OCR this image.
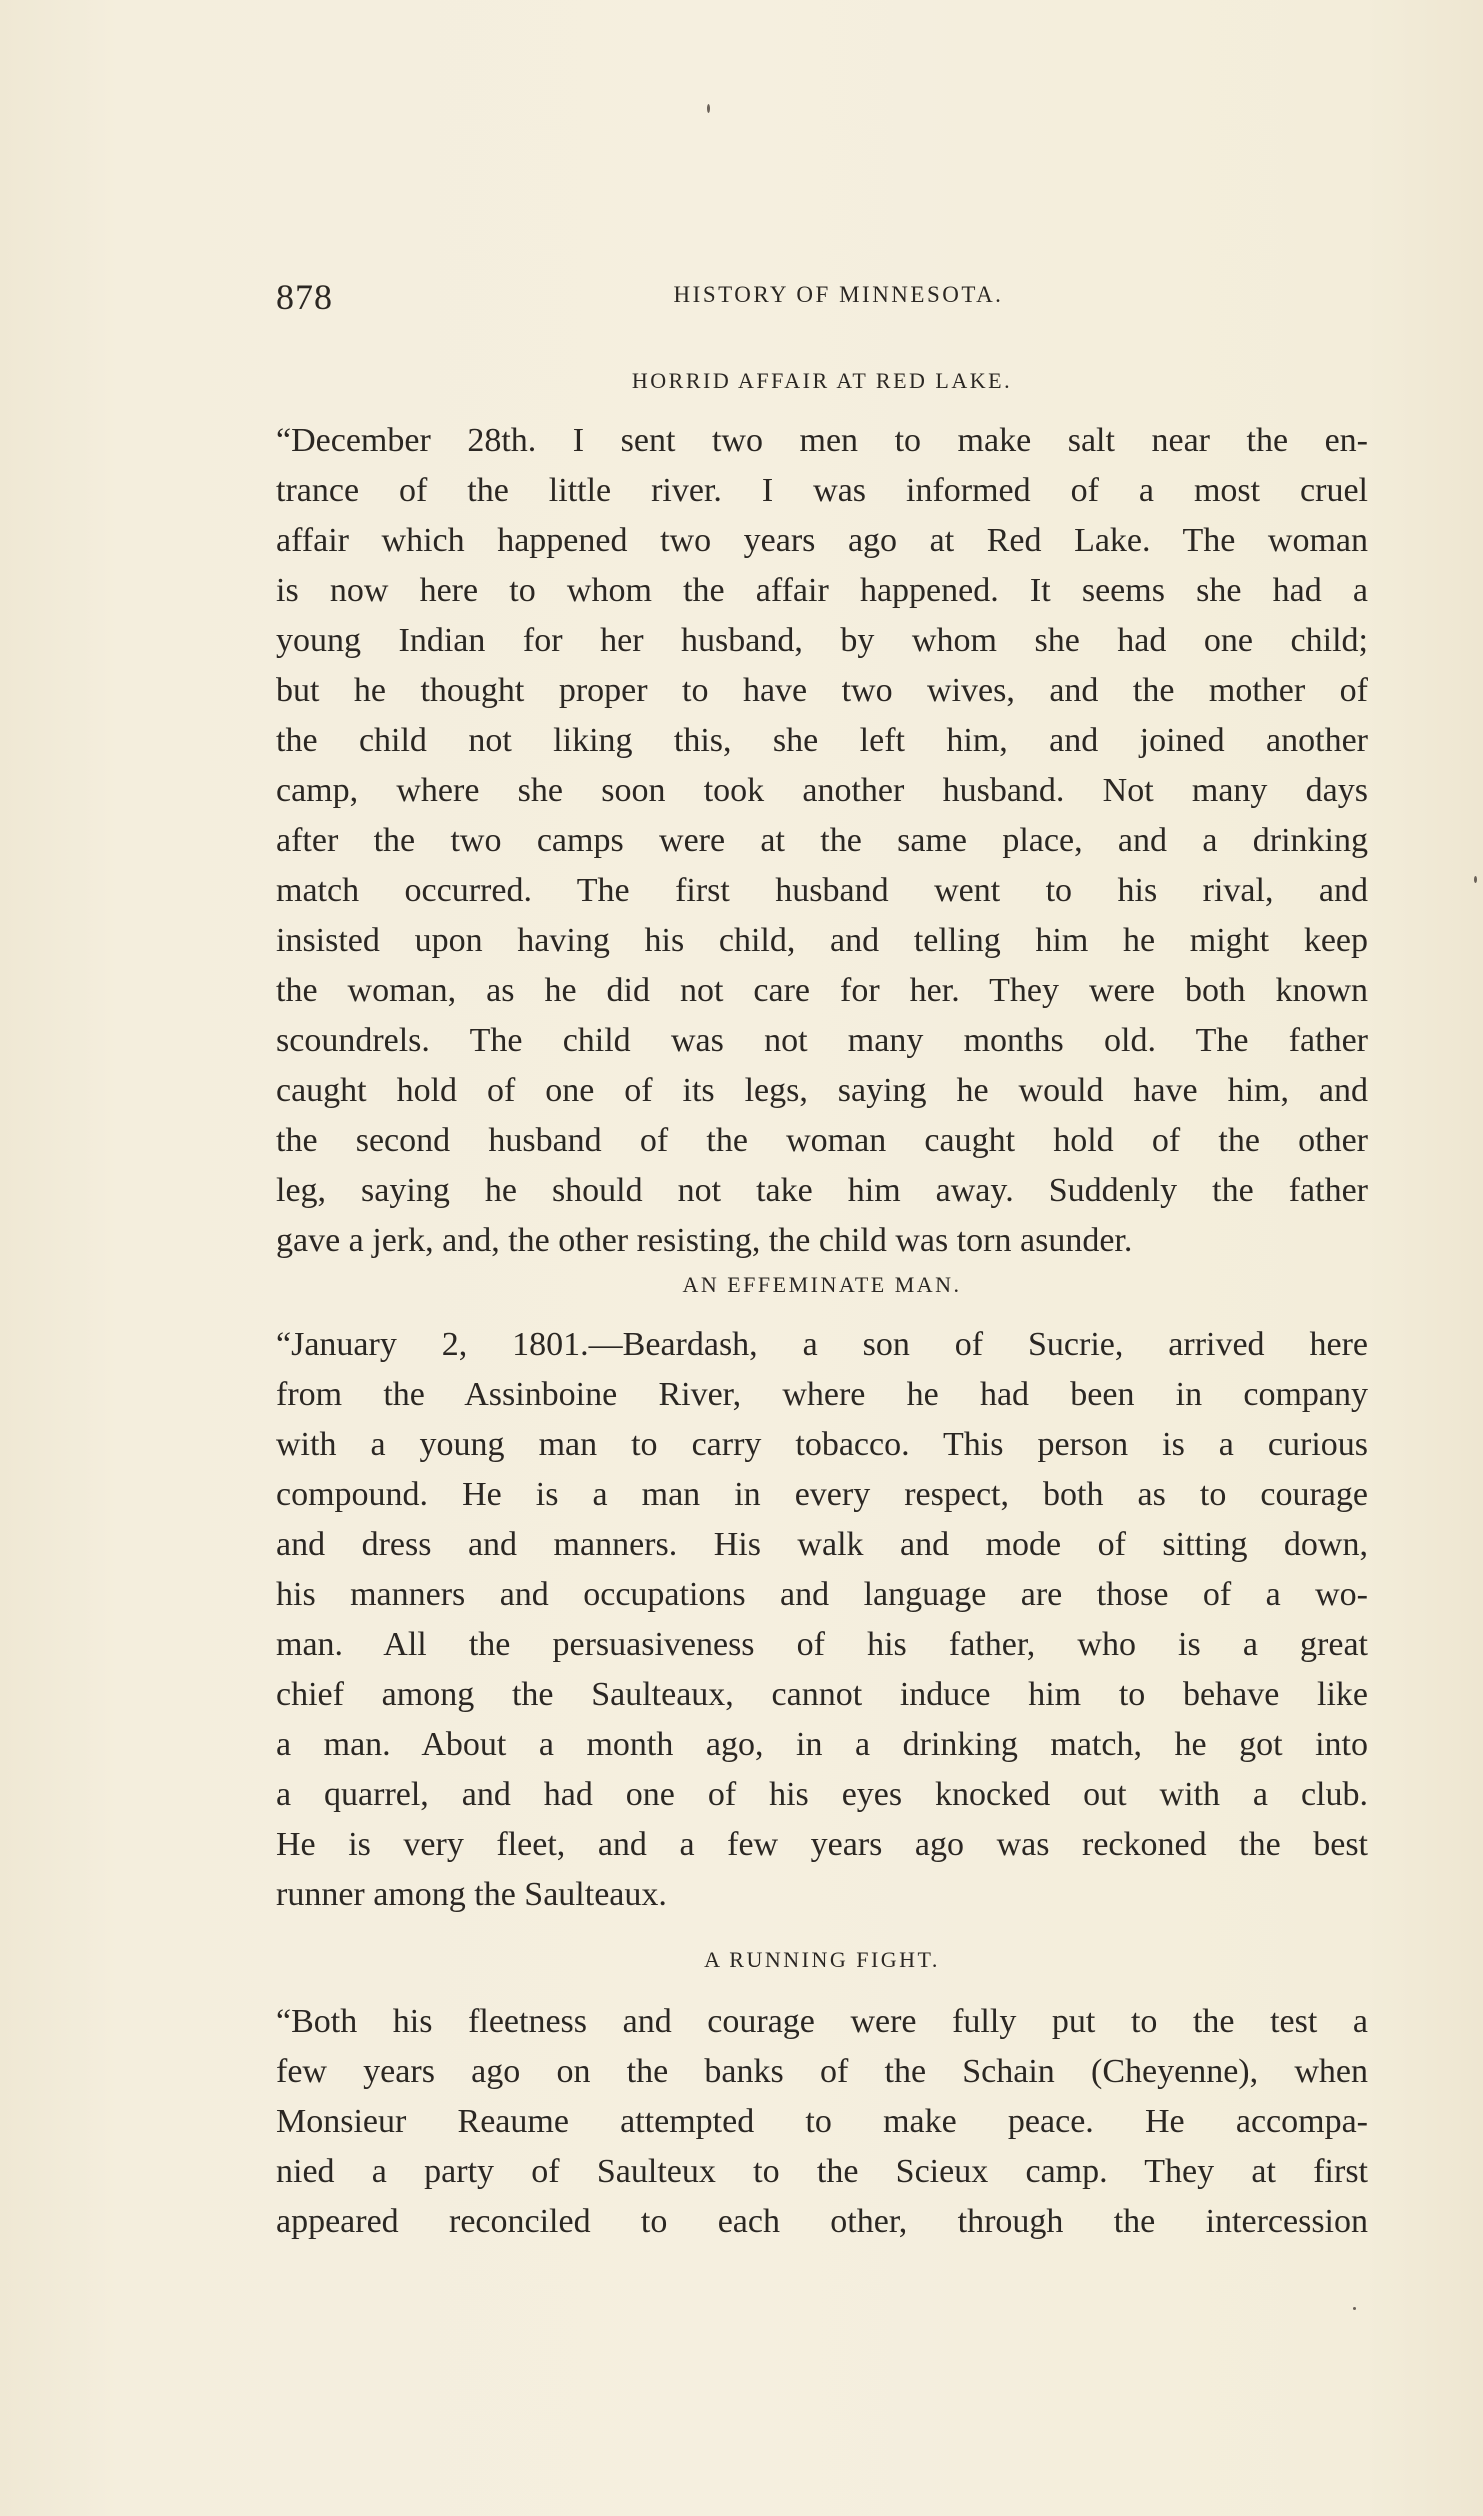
878	HISTORY OF MINNESOTA.
HORRID AFFAIR AT RED LAKE.
“December 28th. I sent two men to make salt near the en-
trance of the little river. I was informed of a most cruel
affair which happened two years ago at Red Lake. The woman
is now here to whom the affair happened. It seems she had a
young Indian for her husband, by whom she had one child;
but he thought proper to have two wives, and the mother of
the child not liking this, she left him, and joined another
camp, where she soon took another husband. Not many days
after the two camps were at the same place, and a drinking
match occurred. The first husband went to his rival, and
insisted upon having his child, and telling him he might keep
the woman, as he did not care for her. They were both known
scoundrels. The child was not many months old. The father
caught hold of one of its legs, saying he would have him, and
the second husband of the woman caught hold of the other
leg, saying he should not take him away. Suddenly the father
gave a jerk, and, the other resisting, the child was torn asunder.
AN EFFEMINATE MAN.
“January 2, 1801.—Beardash, a son of Sucrie, arrived here
from the Assinboine River, where he had been in company
with a young man to carry tobacco. This person is a curious
compound. He is a man in every respect, both as to courage
and dress and manners. His walk and mode of sitting down,
his manners and occupations and language are those of a wo-
man. All the persuasiveness of his father, who is a great
chief among the Saulteaux, cannot induce him to behave like
a man. About a month ago, in a drinking match, he got into
a quarrel, and had one of his eyes knocked out with a club.
He is very fleet, and a few years ago was reckoned the best
runner among the Saulteaux.
A RUNNING FIGHT.
“Both his fleetness and courage were fully put to the test a
few years ago on the banks of the Schain (Cheyenne), when
Monsieur Reaume attempted to make peace. He accompa-
nied a party of Saulteux to the Scieux camp. They at first
appeared reconciled to each other, through the intercession
